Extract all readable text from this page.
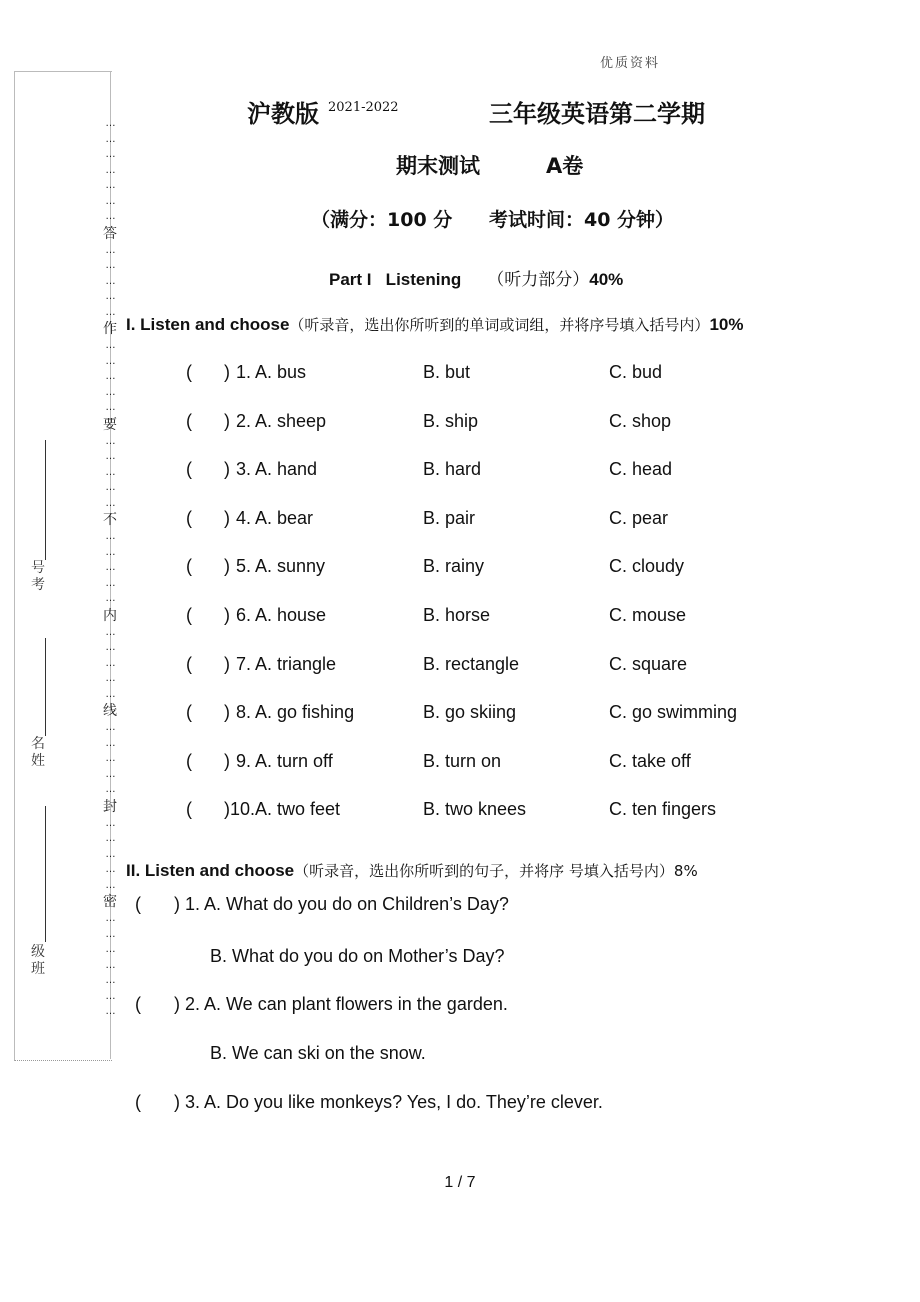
优质资料
…
…
…
…
…
…
…
答
…
…
…
…
…
作
…
…
…
…
…
要
…
…
…
…
…
不
…
…
…
…
…
内
…
…
…
…
…
线
…
…
…
…
…
封
…
…
…
…
…
密
…
…
…
…
…
…
…
号考
名姓
级班
沪教版 2021-2022	三年级英语第二学期
期末测试	A卷
（满分：100 分 考试时间：40 分钟）
Part I   Listening （听力部分）40%
I. Listen and choose（听录音，选出你所听到的单词或词组，并将序号填入括号内）10%
( ) 1. A. bus	B. but	C. bud
( ) 2. A. sheep	B. ship	C. shop
( ) 3. A. hand	B. hard	C. head
( ) 4. A. bear	B. pair	C. pear
( ) 5. A. sunny	B. rainy	C. cloudy
( ) 6. A. house	B. horse	C. mouse
( ) 7. A. triangle	B. rectangle	C. square
( ) 8. A. go fishing	B. go skiing	C. go swimming
( ) 9. A. turn off	B. turn on	C. take off
( )10.A. two feet	B. two knees	C. ten fingers
II. Listen and choose（听录音，选出你所听到的句子，并将序 号填入括号内）8%
( ) 1. A. What do you do on Children’s Day?
B. What do you do on Mother’s Day?
( ) 2. A. We can plant flowers in the garden.
B. We can ski on the snow.
( ) 3. A. Do you like monkeys? Yes, I do. They’re clever.
1 / 7
